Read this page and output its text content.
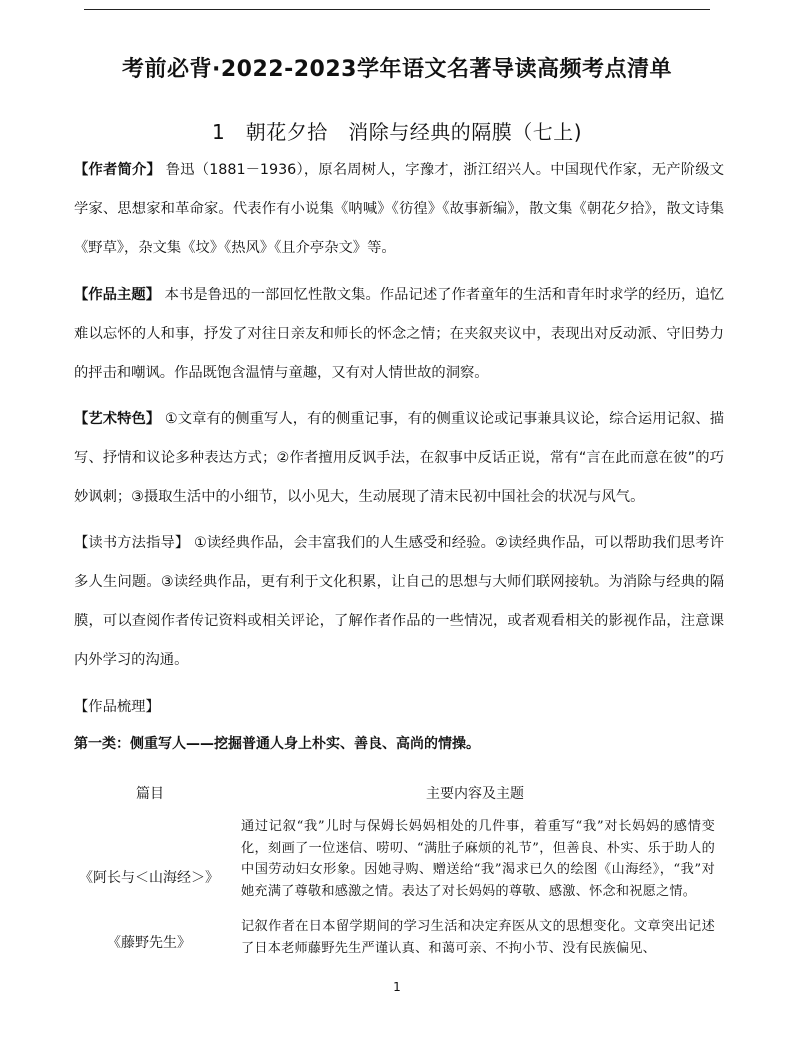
考前必背·2022-2023学年语文名著导读高频考点清单
1　朝花夕拾　消除与经典的隔膜（七上)
【作者简介】 鲁迅（1881－1936），原名周树人，字豫才，浙江绍兴人。中国现代作家，无产阶级文学家、思想家和革命家。代表作有小说集《呐喊》《彷徨》《故事新编》，散文集《朝花夕拾》，散文诗集《野草》，杂文集《坟》《热风》《且介亭杂文》等。
【作品主题】 本书是鲁迅的一部回忆性散文集。作品记述了作者童年的生活和青年时求学的经历，追忆难以忘怀的人和事，抒发了对往日亲友和师长的怀念之情；在夹叙夹议中，表现出对反动派、守旧势力的抨击和嘲讽。作品既饱含温情与童趣，又有对人情世故的洞察。
【艺术特色】 ①文章有的侧重写人，有的侧重记事，有的侧重议论或记事兼具议论，综合运用记叙、描写、抒情和议论多种表达方式；②作者擅用反讽手法，在叙事中反话正说，常有“言在此而意在彼”的巧妙讽刺；③摄取生活中的小细节，以小见大，生动展现了清末民初中国社会的状况与风气。
【读书方法指导】 ①读经典作品，会丰富我们的人生感受和经验。②读经典作品，可以帮助我们思考许多人生问题。③读经典作品，更有利于文化积累，让自己的思想与大师们联网接轨。为消除与经典的隔膜，可以查阅作者传记资料或相关评论，了解作者作品的一些情况，或者观看相关的影视作品，注意课内外学习的沟通。
【作品梳理】
第一类：侧重写人——挖掘普通人身上朴实、善良、高尚的情操。
篇目	主要内容及主题
《阿长与＜山海经＞》
通过记叙“我”儿时与保姆长妈妈相处的几件事，着重写“我”对长妈妈的感情变化，刻画了一位迷信、唠叨、“满肚子麻烦的礼节”，但善良、朴实、乐于助人的中国劳动妇女形象。因她寻购、赠送给“我”渴求已久的绘图《山海经》，“我”对她充满了尊敬和感激之情。表达了对长妈妈的尊敬、感激、怀念和祝愿之情。
《藤野先生》
记叙作者在日本留学期间的学习生活和决定弃医从文的思想变化。文章突出记述了日本老师藤野先生严谨认真、和蔼可亲、不拘小节、没有民族偏见、
1
